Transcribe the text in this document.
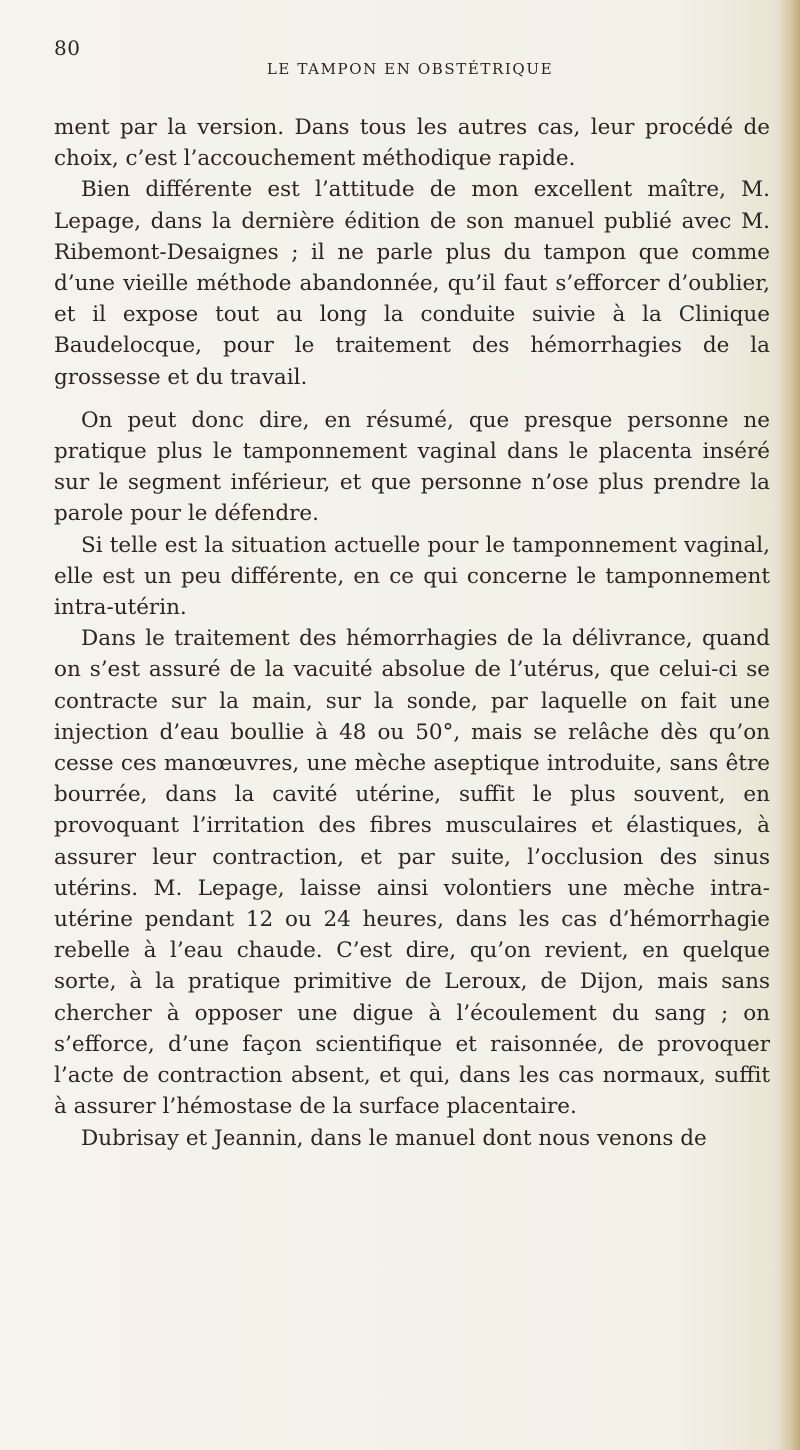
80
LE TAMPON EN OBSTÉTRIQUE

ment par la version. Dans tous les autres cas, leur procédé de choix, c’est l’accouchement méthodique rapide.

Bien différente est l’attitude de mon excellent maître, M. Lepage, dans la dernière édition de son manuel publié avec M. Ribemont-Desaignes ; il ne parle plus du tampon que comme d’une vieille méthode abandonnée, qu’il faut s’efforcer d’oublier, et il expose tout au long la conduite suivie à la Clinique Baudelocque, pour le traitement des hémorrhagies de la grossesse et du travail.

On peut donc dire, en résumé, que presque personne ne pratique plus le tamponnement vaginal dans le placenta inséré sur le segment inférieur, et que personne n’ose plus prendre la parole pour le défendre.

Si telle est la situation actuelle pour le tamponnement vaginal, elle est un peu différente, en ce qui concerne le tamponnement intra-utérin.

Dans le traitement des hémorrhagies de la délivrance, quand on s’est assuré de la vacuité absolue de l’utérus, que celui-ci se contracte sur la main, sur la sonde, par laquelle on fait une injection d’eau boullie à 48 ou 50°, mais se relâche dès qu’on cesse ces manœuvres, une mèche aseptique introduite, sans être bourrée, dans la cavité utérine, suffit le plus souvent, en provoquant l’irritation des fibres musculaires et élastiques, à assurer leur contraction, et par suite, l’occlusion des sinus utérins. M. Lepage, laisse ainsi volontiers une mèche intra-utérine pendant 12 ou 24 heures, dans les cas d’hémorrhagie rebelle à l’eau chaude. C’est dire, qu’on revient, en quelque sorte, à la pratique primitive de Leroux, de Dijon, mais sans chercher à opposer une digue à l’écoulement du sang ; on s’efforce, d’une façon scientifique et raisonnée, de provoquer l’acte de contraction absent, et qui, dans les cas normaux, suffit à assurer l’hémostase de la surface placentaire.

Dubrisay et Jeannin, dans le manuel dont nous venons de
